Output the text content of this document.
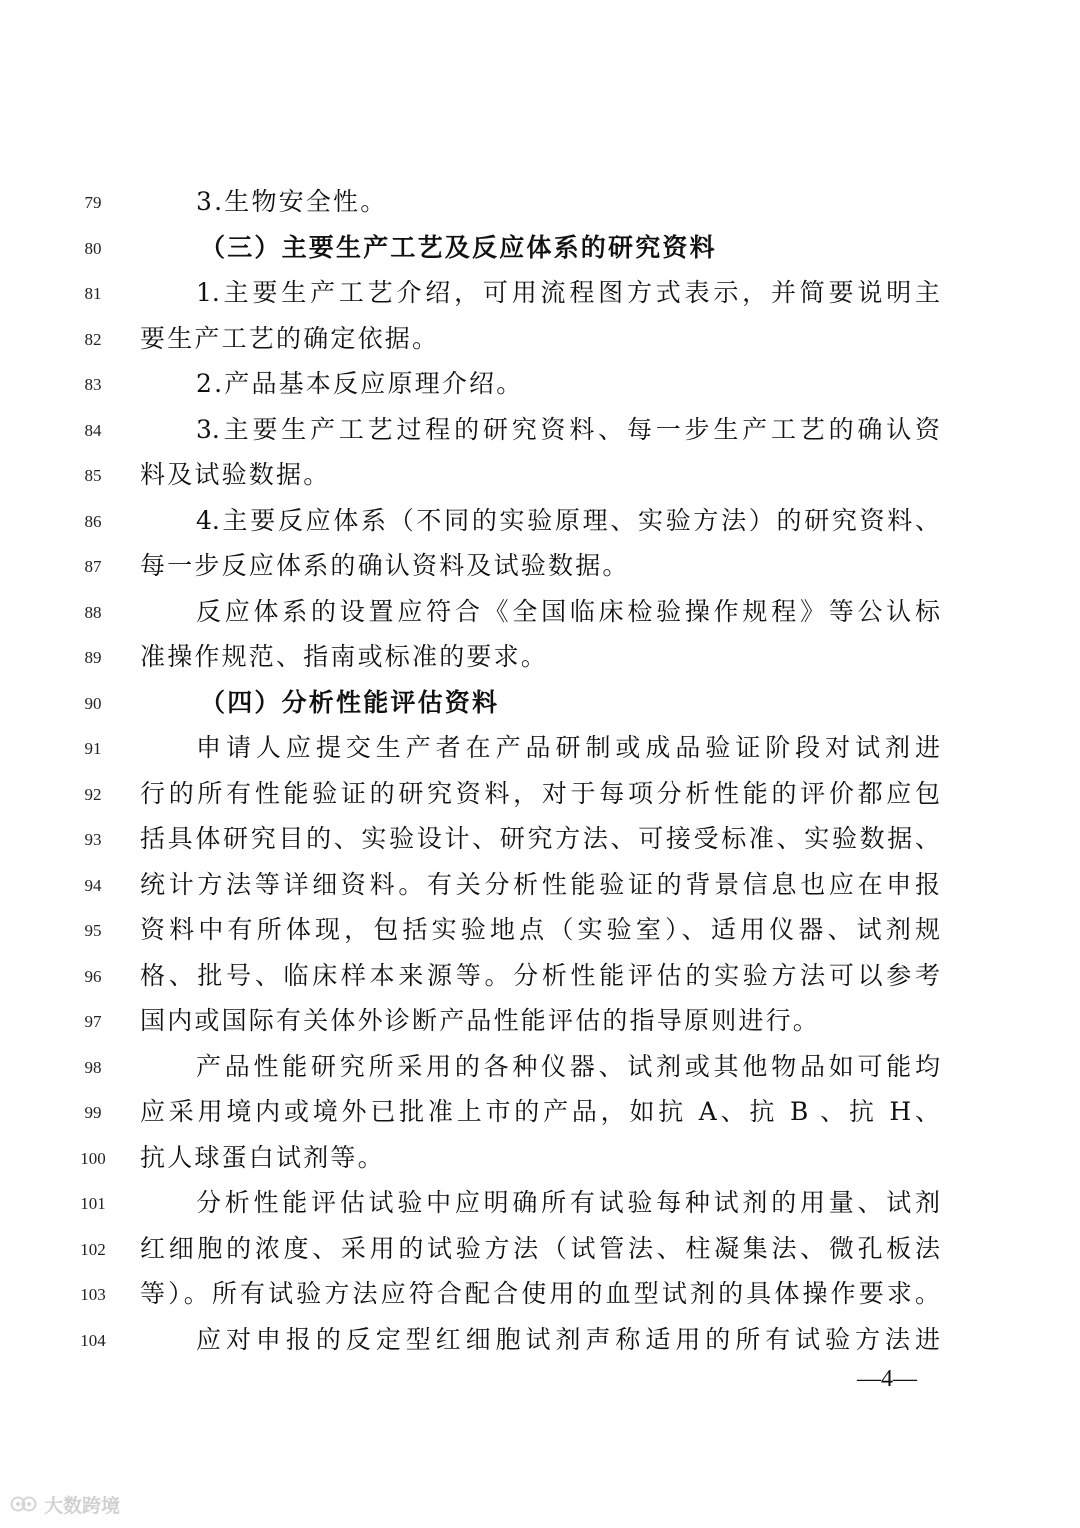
79	3.生物安全性。
80	（三）主要生产工艺及反应体系的研究资料
81	1.主要生产工艺介绍，可用流程图方式表示，并简要说明主
82	要生产工艺的确定依据。
83	2.产品基本反应原理介绍。
84	3.主要生产工艺过程的研究资料、每一步生产工艺的确认资
85	料及试验数据。
86	4.主要反应体系（不同的实验原理、实验方法）的研究资料、
87	每一步反应体系的确认资料及试验数据。
88	反应体系的设置应符合《全国临床检验操作规程》等公认标
89	准操作规范、指南或标准的要求。
90	（四）分析性能评估资料
91	申请人应提交生产者在产品研制或成品验证阶段对试剂进
92	行的所有性能验证的研究资料，对于每项分析性能的评价都应包
93	括具体研究目的、实验设计、研究方法、可接受标准、实验数据、
94	统计方法等详细资料。有关分析性能验证的背景信息也应在申报
95	资料中有所体现，包括实验地点（实验室）、适用仪器、试剂规
96	格、批号、临床样本来源等。分析性能评估的实验方法可以参考
97	国内或国际有关体外诊断产品性能评估的指导原则进行。
98	产品性能研究所采用的各种仪器、试剂或其他物品如可能均
99	应采用境内或境外已批准上市的产品，如抗 A、抗 B 、抗 H、
100	抗人球蛋白试剂等。
101	分析性能评估试验中应明确所有试验每种试剂的用量、试剂
102	红细胞的浓度、采用的试验方法（试管法、柱凝集法、微孔板法
103	等）。所有试验方法应符合配合使用的血型试剂的具体操作要求。
104	应对申报的反定型红细胞试剂声称适用的所有试验方法进
—4—
大数跨境
